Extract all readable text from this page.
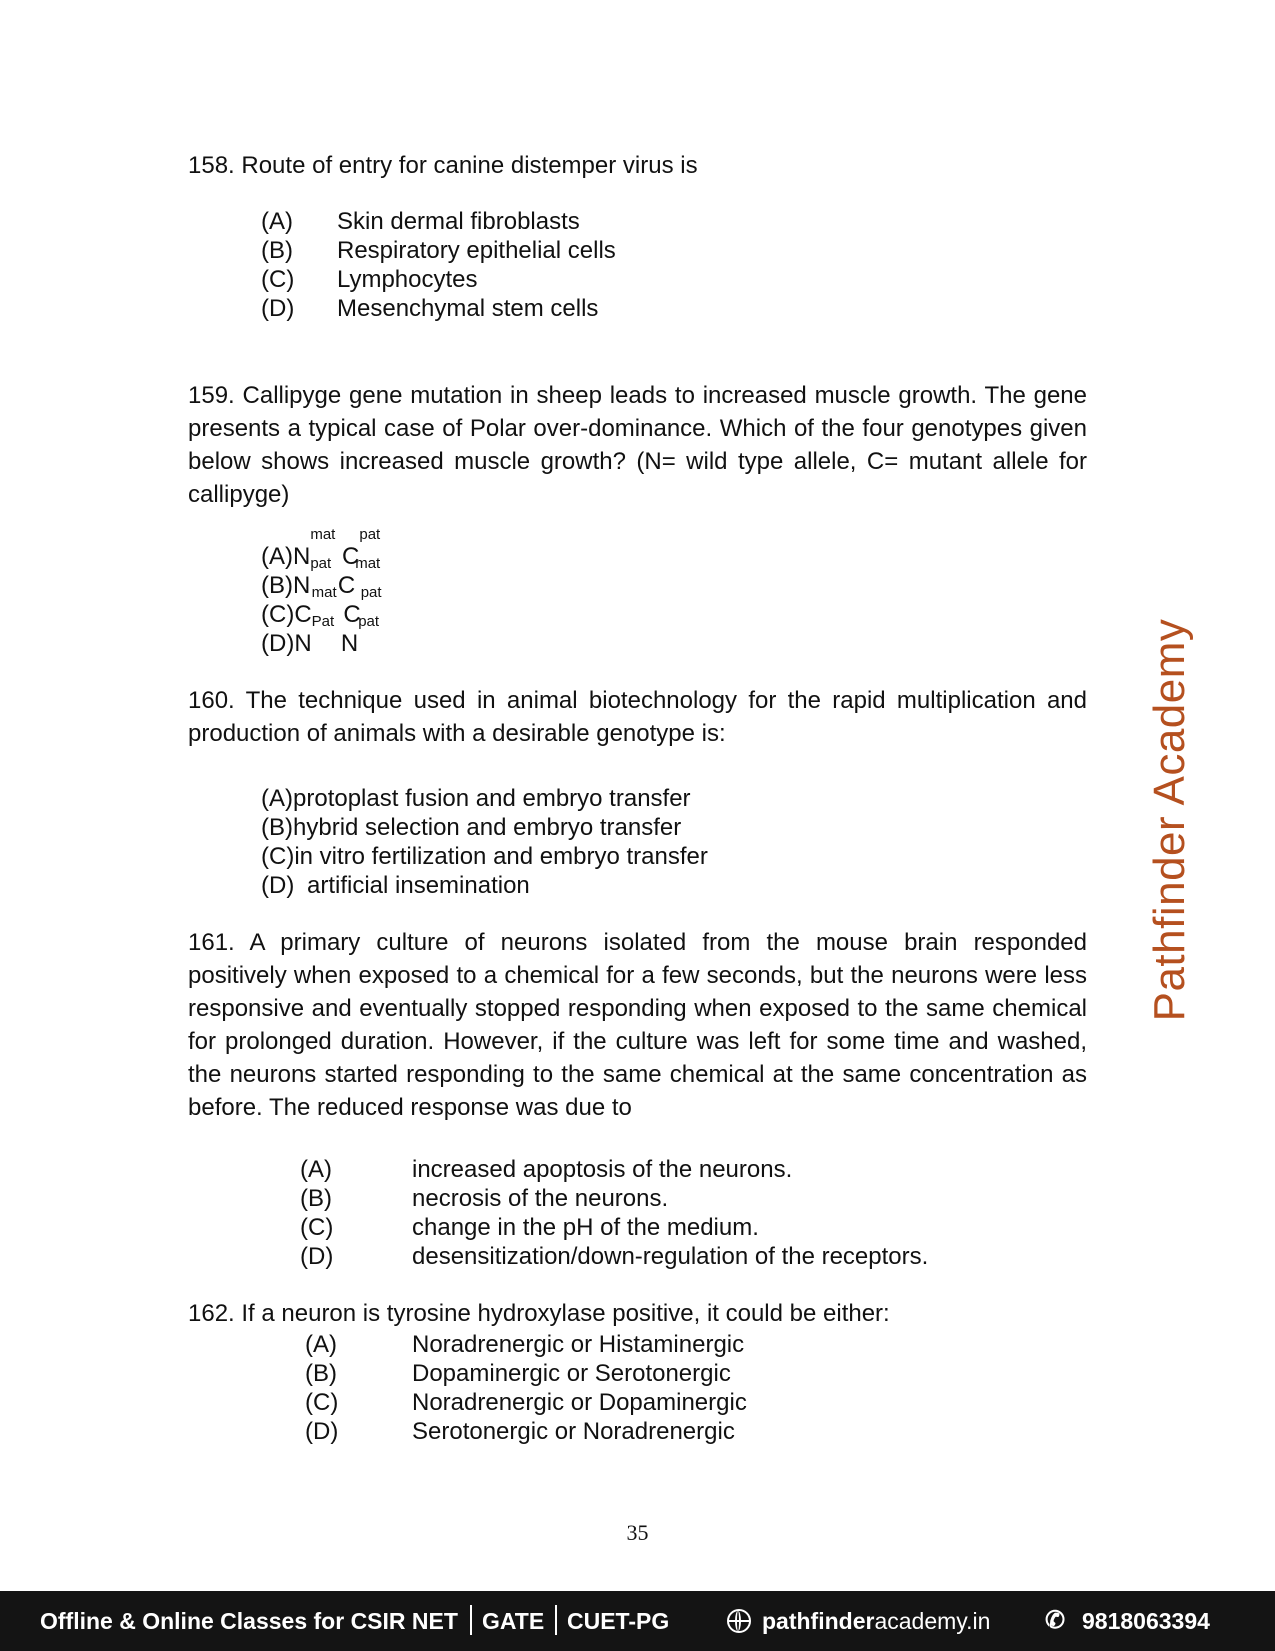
158. Route of entry for canine distemper virus is
(A) Skin dermal fibroblasts
(B) Respiratory epithelial cells
(C) Lymphocytes
(D) Mesenchymal stem cells
159. Callipyge gene mutation in sheep leads to increased muscle growth. The gene presents a typical case of Polar over-dominance. Which of the four genotypes given below shows increased muscle growth? (N= wild type allele, C= mutant allele for callipyge)
$(A)N^{mat}$ $C^{pat}$
$(B)N^{pat}$ $C^{mat}$
$(C)C^{mat}$ $C^{pat}$
$(D)N^{Pat}$ $N^{pat}$
160. The technique used in animal biotechnology for the rapid multiplication and production of animals with a desirable genotype is:
(A)protoplast fusion and embryo transfer
(B)hybrid selection and embryo transfer
(C)in vitro fertilization and embryo transfer
(D) artificial insemination
161. A primary culture of neurons isolated from the mouse brain responded positively when exposed to a chemical for a few seconds, but the neurons were less responsive and eventually stopped responding when exposed to the same chemical for prolonged duration. However, if the culture was left for some time and washed, the neurons started responding to the same chemical at the same concentration as before. The reduced response was due to
(A)	increased apoptosis of the neurons.
(B)	necrosis of the neurons.
(C)	change in the pH of the medium.
(D)	desensitization/down-regulation of the receptors.
162. If a neuron is tyrosine hydroxylase positive, it could be either:
(A)	Noradrenergic or Histaminergic
(B)	Dopaminergic or Serotonergic
(C)	Noradrenergic or Dopaminergic
(D)	Serotonergic or Noradrenergic
Pathfinder Academy
35
Offline & Online Classes for CSIR NET GATE CUET-PG	pathfinderacademy.in ✆ 9818063394
